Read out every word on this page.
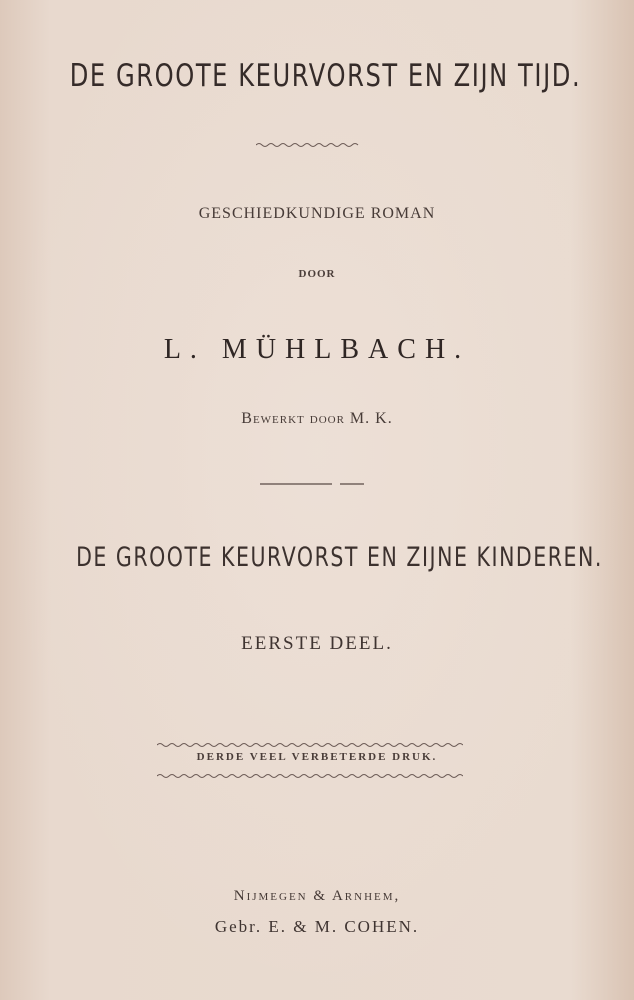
DE GROOTE KEURVORST EN ZIJN TIJD.
GESCHIEDKUNDIGE ROMAN
DOOR
L. MÜHLBACH.
Bewerkt door M. K.
DE GROOTE KEURVORST EN ZIJNE KINDEREN.
EERSTE DEEL.
DERDE VEEL VERBETERDE DRUK.
Nijmegen & Arnhem,
Gebr. E. & M. COHEN.
